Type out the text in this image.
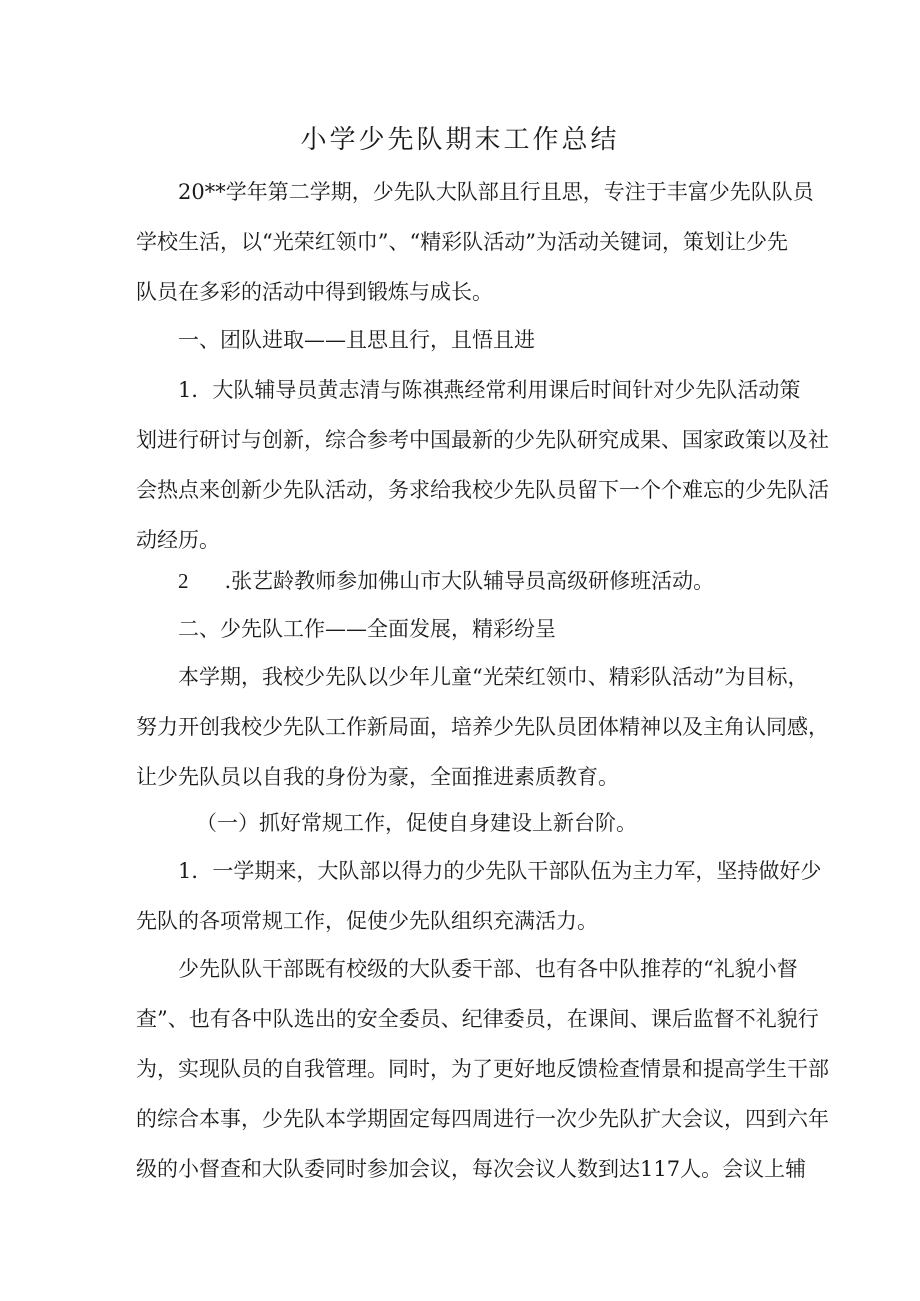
小学少先队期末工作总结
20**学年第二学期，少先队大队部且行且思，专注于丰富少先队队员
学校生活，以“光荣红领巾”、“精彩队活动”为活动关键词，策划让少先
队员在多彩的活动中得到锻炼与成长。
一、团队进取——且思且行，且悟且进
1．大队辅导员黄志清与陈祺燕经常利用课后时间针对少先队活动策
划进行研讨与创新，综合参考中国最新的少先队研究成果、国家政策以及社
会热点来创新少先队活动，务求给我校少先队员留下一个个难忘的少先队活
动经历。
2 .张艺龄教师参加佛山市大队辅导员高级研修班活动。
二、少先队工作——全面发展，精彩纷呈
本学期，我校少先队以少年儿童“光荣红领巾、精彩队活动”为目标，
努力开创我校少先队工作新局面，培养少先队员团体精神以及主角认同感，
让少先队员以自我的身份为豪，全面推进素质教育。
（一）抓好常规工作，促使自身建设上新台阶。
1．一学期来，大队部以得力的少先队干部队伍为主力军，坚持做好少
先队的各项常规工作，促使少先队组织充满活力。
少先队队干部既有校级的大队委干部、也有各中队推荐的“礼貌小督
查”、也有各中队选出的安全委员、纪律委员，在课间、课后监督不礼貌行
为，实现队员的自我管理。同时，为了更好地反馈检查情景和提高学生干部
的综合本事，少先队本学期固定每四周进行一次少先队扩大会议，四到六年
级的小督查和大队委同时参加会议，每次会议人数到达117人。会议上辅
